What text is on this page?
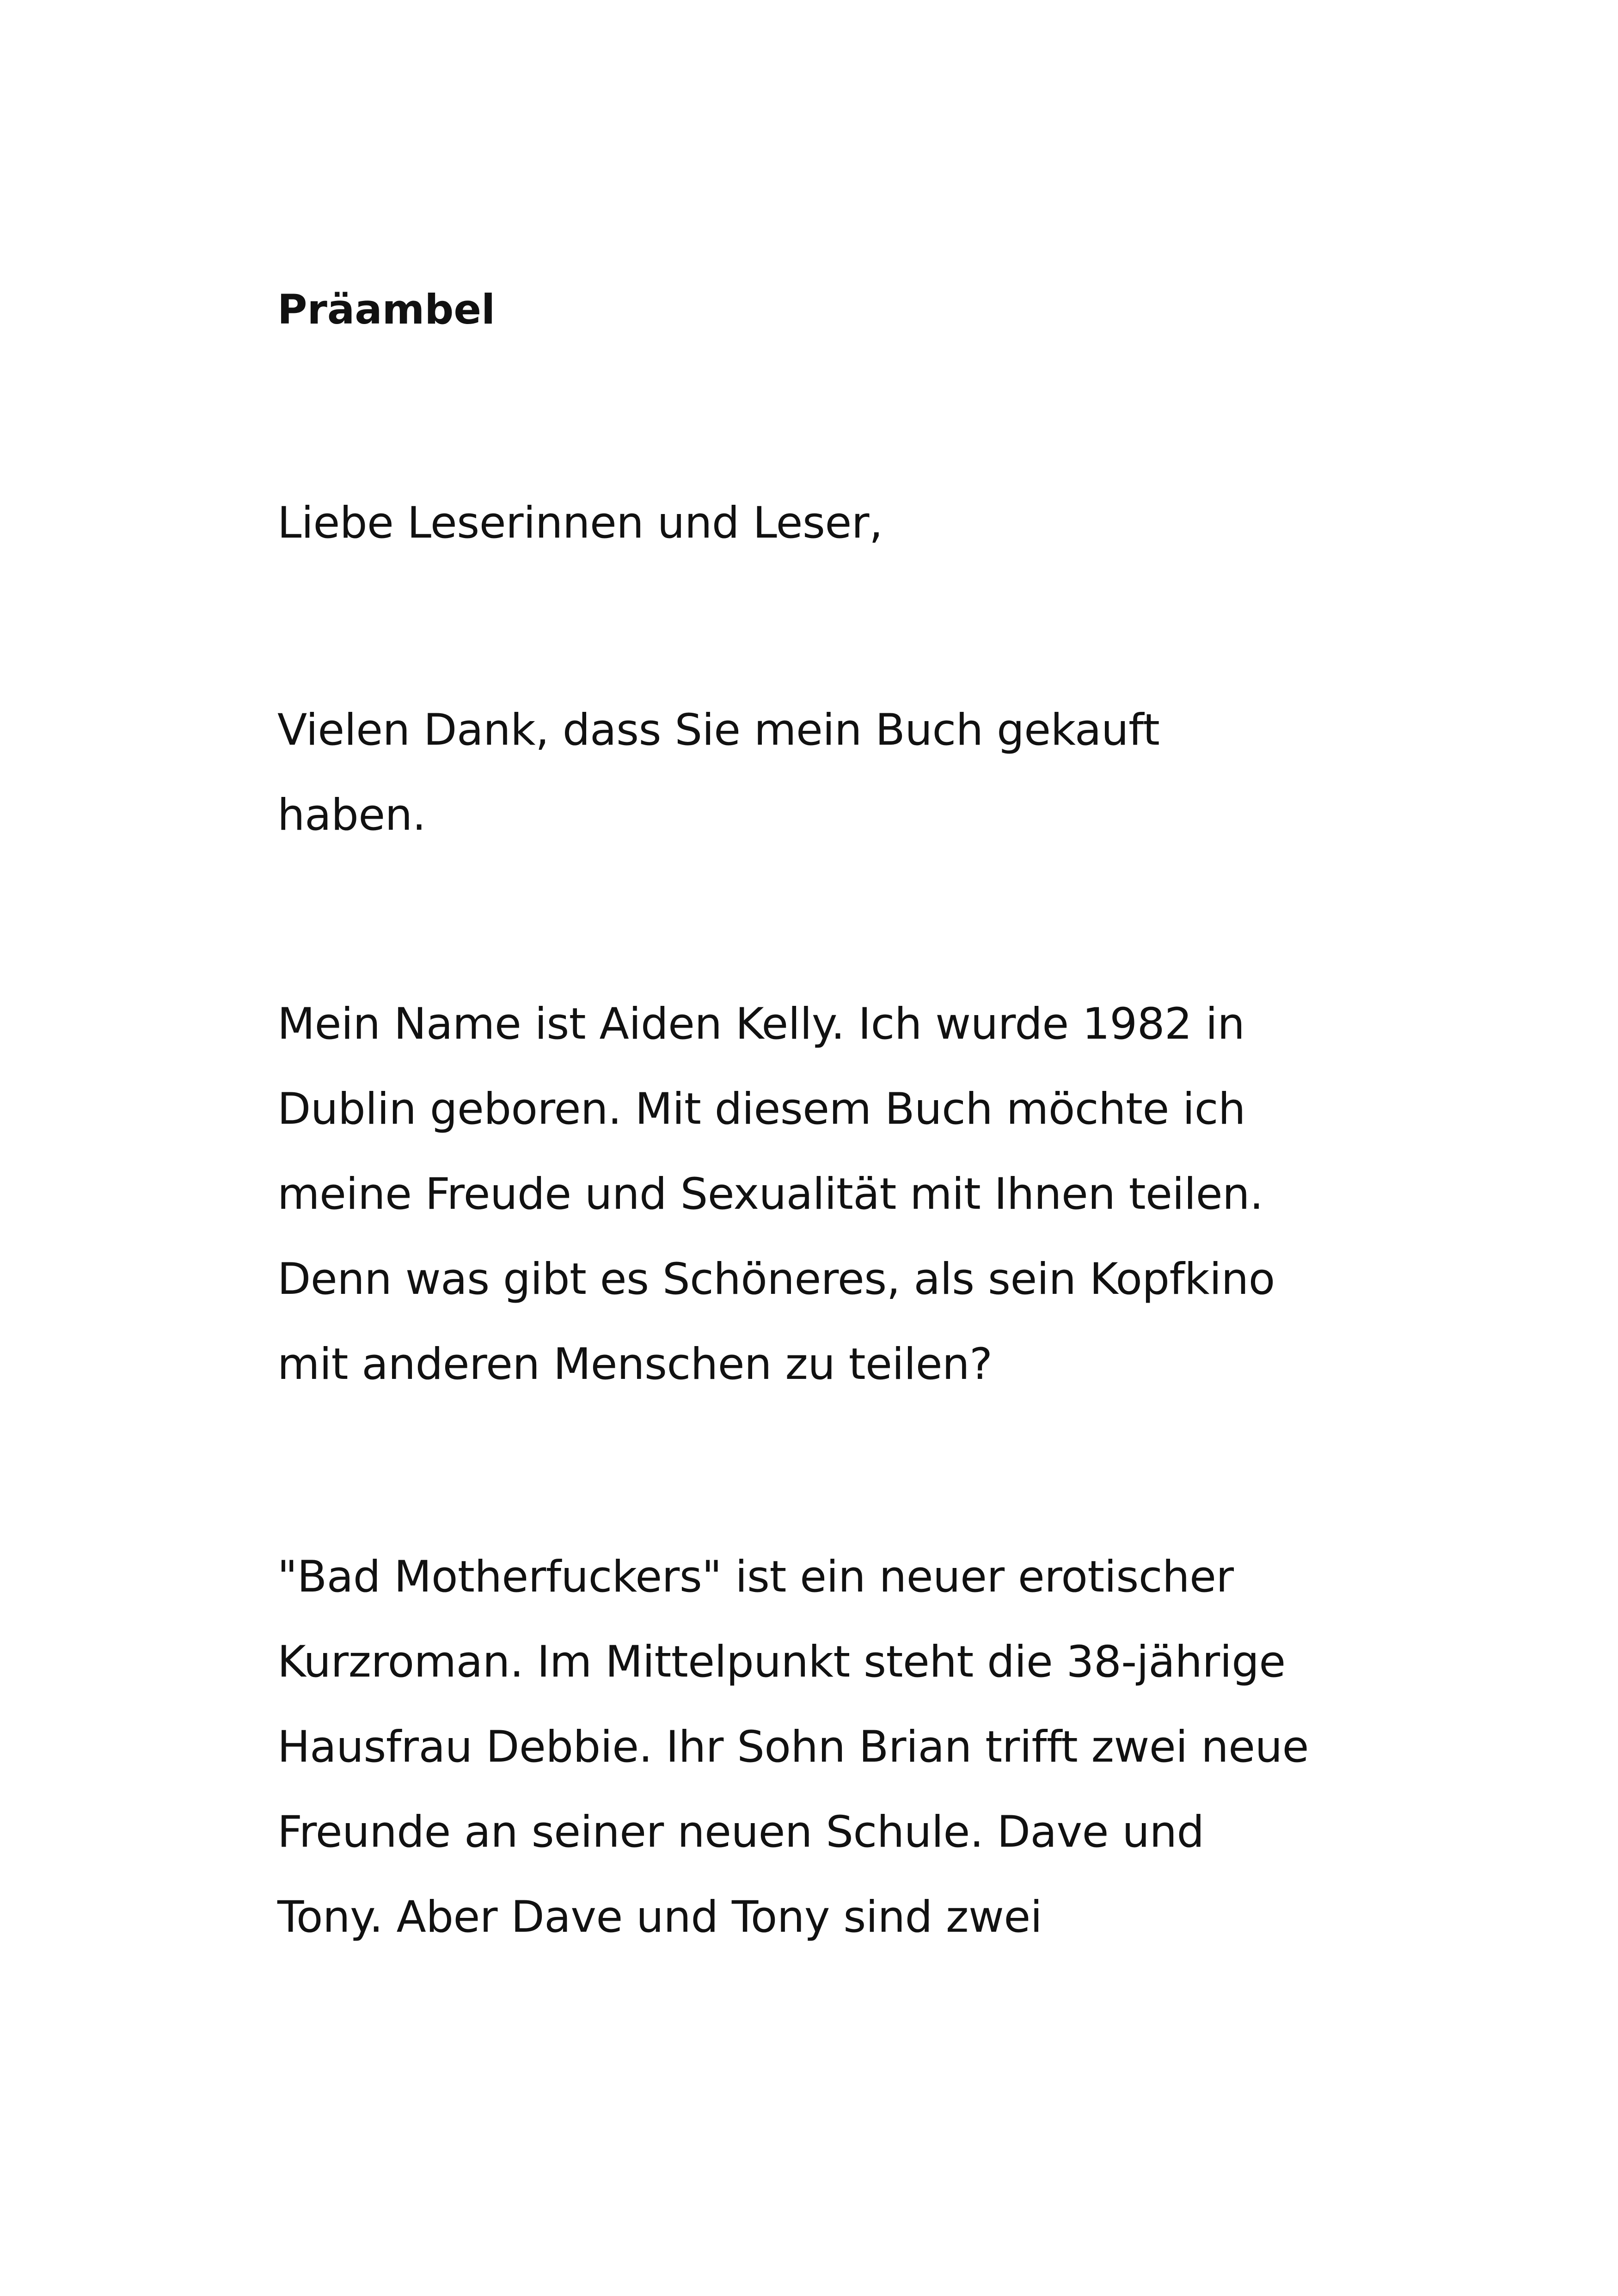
Präambel

Liebe Leserinnen und Leser,

Vielen Dank, dass Sie mein Buch gekauft
haben.

Mein Name ist Aiden Kelly. Ich wurde 1982 in
Dublin geboren. Mit diesem Buch möchte ich
meine Freude und Sexualität mit Ihnen teilen.
Denn was gibt es Schöneres, als sein Kopfkino
mit anderen Menschen zu teilen?

"Bad Motherfuckers" ist ein neuer erotischer
Kurzroman. Im Mittelpunkt steht die 38-jährige
Hausfrau Debbie. Ihr Sohn Brian trifft zwei neue
Freunde an seiner neuen Schule. Dave und
Tony. Aber Dave und Tony sind zwei
